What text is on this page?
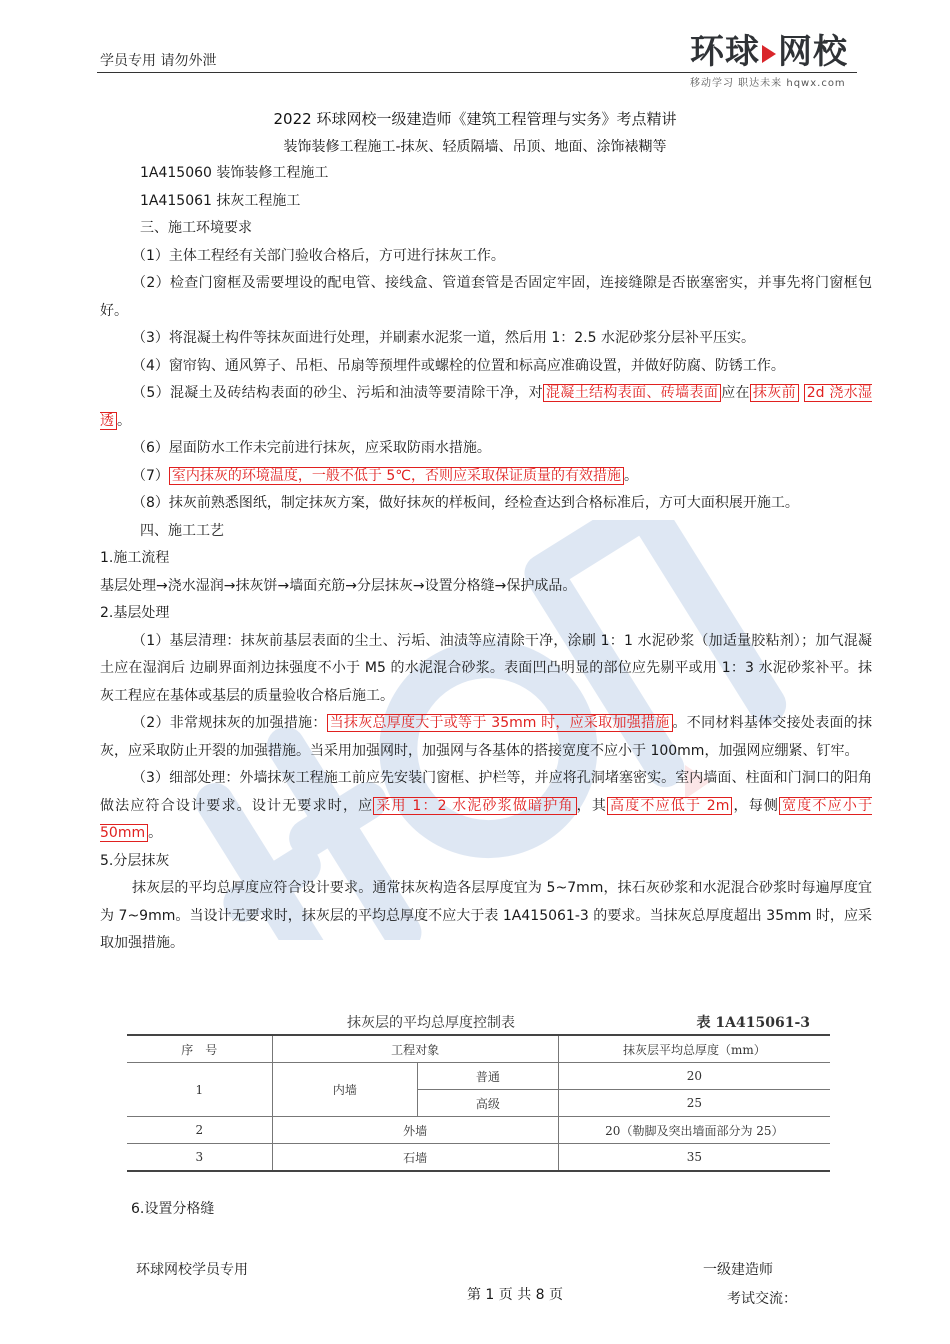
学员专用 请勿外泄	环球 网校
移动学习 职达未来 hqwx.com
2022 环球网校一级建造师《建筑工程管理与实务》考点精讲
装饰装修工程施工-抹灰、轻质隔墙、吊顶、地面、涂饰裱糊等

1A415060 装饰装修工程施工

1A415061 抹灰工程施工

三、施工环境要求

（1）主体工程经有关部门验收合格后，方可进行抹灰工作。

（2）检查门窗框及需要埋设的配电管、接线盒、管道套管是否固定牢固，连接缝隙是否嵌塞密实，并事先将门窗框包好。

（3）将混凝土构件等抹灰面进行处理，并刷素水泥浆一道，然后用 1：2.5 水泥砂浆分层补平压实。

（4）窗帘钩、通风箅子、吊柜、吊扇等预埋件或螺栓的位置和标高应准确设置，并做好防腐、防锈工作。

（5）混凝土及砖结构表面的砂尘、污垢和油渍等要清除干净，对 混凝土结构表面、砖墙表面 应在 抹灰前 2d 浇水湿透 。

（6）屋面防水工作未完前进行抹灰，应采取防雨水措施。

（7） 室内抹灰的环境温度，一般不低于 5℃，否则应采取保证质量的有效措施 。

（8）抹灰前熟悉图纸，制定抹灰方案，做好抹灰的样板间，经检查达到合格标准后，方可大面积展开施工。

四、施工工艺

1.施工流程

基层处理→浇水湿润→抹灰饼→墙面充筋→分层抹灰→设置分格缝→保护成品。

2.基层处理

（1）基层清理：抹灰前基层表面的尘土、污垢、油渍等应清除干净，涂刷 1：1 水泥砂浆（加适量胶粘剂）；加气混凝土应在湿润后 边刷界面剂边抹强度不小于 M5 的水泥混合砂浆。表面凹凸明显的部位应先剔平或用 1：3 水泥砂浆补平。抹灰工程应在基体或基层的质量验收合格后施工。

（2）非常规抹灰的加强措施： 当抹灰总厚度大于或等于 35mm 时，应采取加强措施 。不同材料基体交接处表面的抹灰，应采取防止开裂的加强措施。当采用加强网时，加强网与各基体的搭接宽度不应小于 100mm，加强网应绷紧、钉牢。

（3）细部处理：外墙抹灰工程施工前应先安装门窗框、护栏等，并应将孔洞堵塞密实。室内墙面、柱面和门洞口的阳角做法应符合设计要求。设计无要求时，应 采用 1：2 水泥砂浆做暗护角 ，其 高度不应低于 2m ，每侧 宽度不应小于 50mm 。

5.分层抹灰

抹灰层的平均总厚度应符合设计要求。通常抹灰构造各层厚度宜为 5~7mm，抹石灰砂浆和水泥混合砂浆时每遍厚度宜为 7~9mm。当设计无要求时，抹灰层的平均总厚度不应大于表 1A415061-3 的要求。当抹灰总厚度超出 35mm 时，应采取加强措施。

抹灰层的平均总厚度控制表	表 1A415061-3
序　号	工程对象		抹灰层平均总厚度（mm）
1	内墙	普通	20
		高级	25
2	外墙		20（勒脚及突出墙面部分为 25）
3	石墙		35
6.设置分格缝
环球网校学员专用	一级建造师
第 1 页 共 8 页	考试交流：
